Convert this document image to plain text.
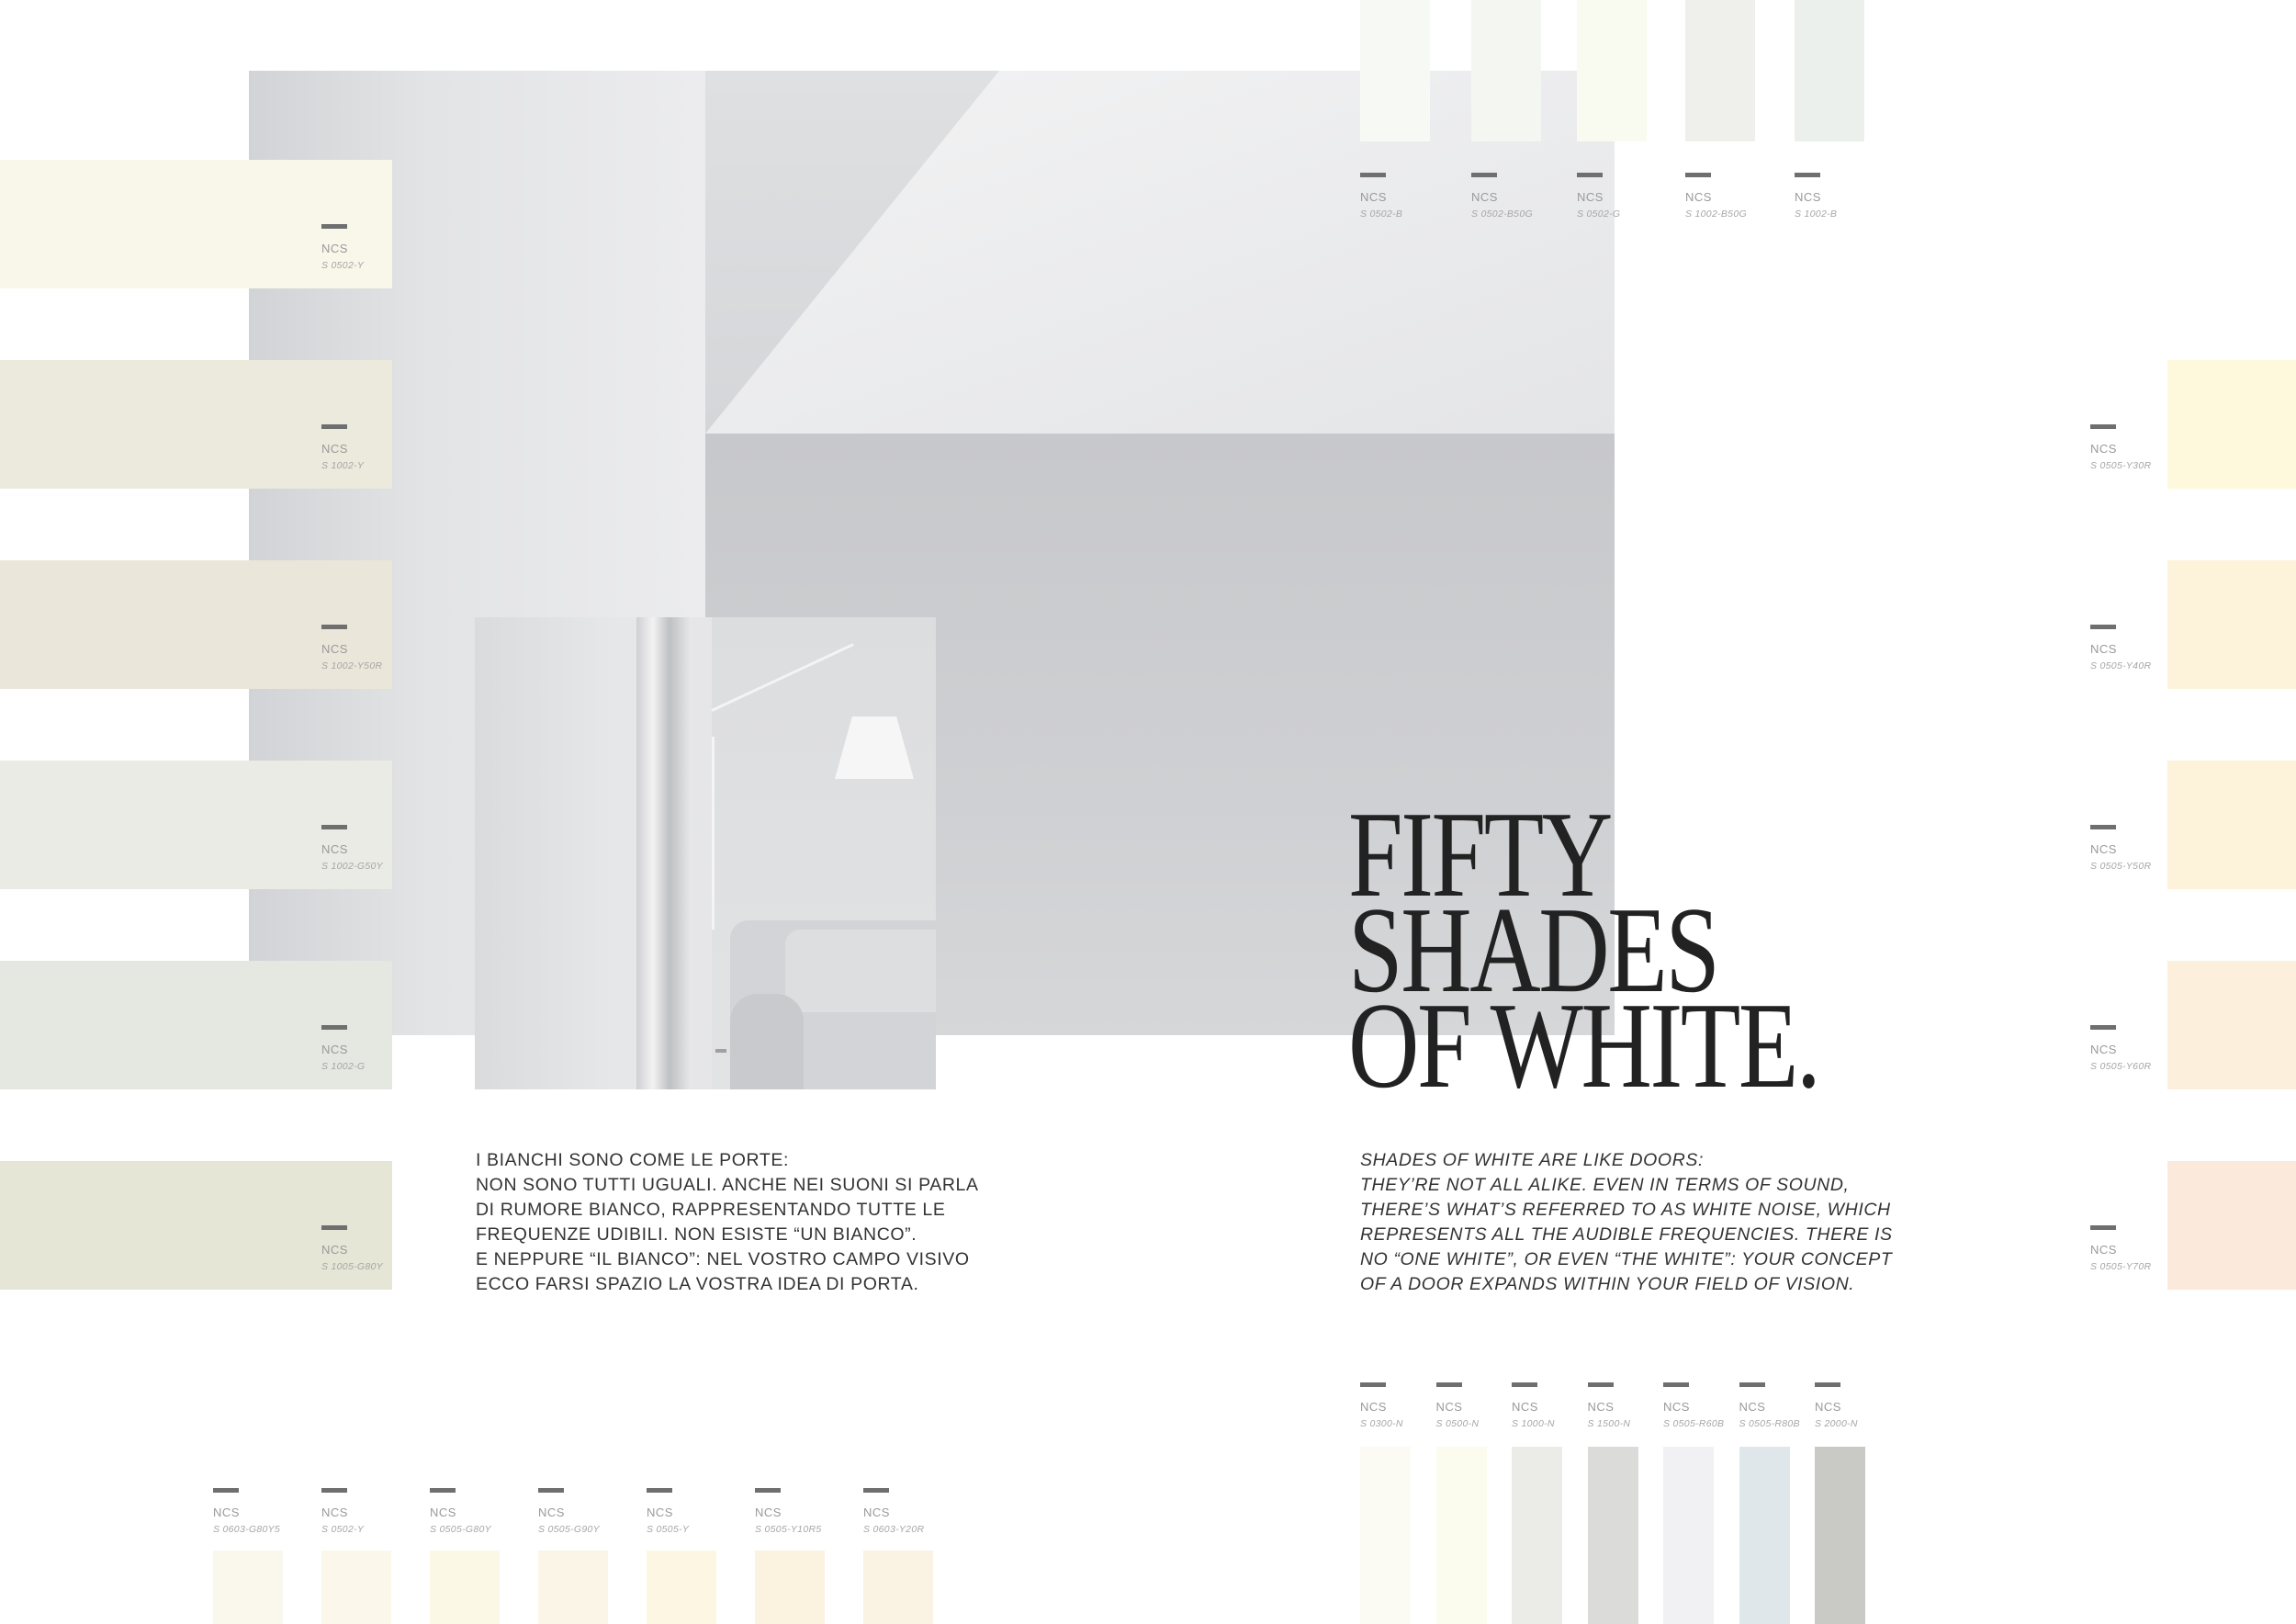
NCS
S 0502-Y
NCS
S 1002-Y
NCS
S 1002-Y50R
NCS
S 1002-G50Y
NCS
S 1002-G
NCS
S 1005-G80Y
NCS
S 0505-Y30R
NCS
S 0505-Y40R
NCS
S 0505-Y50R
NCS
S 0505-Y60R
NCS
S 0505-Y70R
NCS
S 0502-B
NCS
S 0502-B50G
NCS
S 0502-G
NCS
S 1002-B50G
NCS
S 1002-B
NCS
S 0603-G80Y5
NCS
S 0502-Y
NCS
S 0505-G80Y
NCS
S 0505-G90Y
NCS
S 0505-Y
NCS
S 0505-Y10R5
NCS
S 0603-Y20R
NCS
S 0300-N
NCS
S 0500-N
NCS
S 1000-N
NCS
S 1500-N
NCS
S 0505-R60B
NCS
S 0505-R80B
NCS
S 2000-N
FIFTY
SHADES
OF WHITE.
I BIANCHI SONO COME LE PORTE:
NON SONO TUTTI UGUALI. ANCHE NEI SUONI SI PARLA
DI RUMORE BIANCO, RAPPRESENTANDO TUTTE LE
FREQUENZE UDIBILI. NON ESISTE “UN BIANCO”.
E NEPPURE “IL BIANCO”: NEL VOSTRO CAMPO VISIVO
ECCO FARSI SPAZIO LA VOSTRA IDEA DI PORTA.
SHADES OF WHITE ARE LIKE DOORS:
THEY’RE NOT ALL ALIKE. EVEN IN TERMS OF SOUND,
THERE’S WHAT’S REFERRED TO AS WHITE NOISE, WHICH
REPRESENTS ALL THE AUDIBLE FREQUENCIES. THERE IS
NO “ONE WHITE”, OR EVEN “THE WHITE”: YOUR CONCEPT
OF A DOOR EXPANDS WITHIN YOUR FIELD OF VISION.
